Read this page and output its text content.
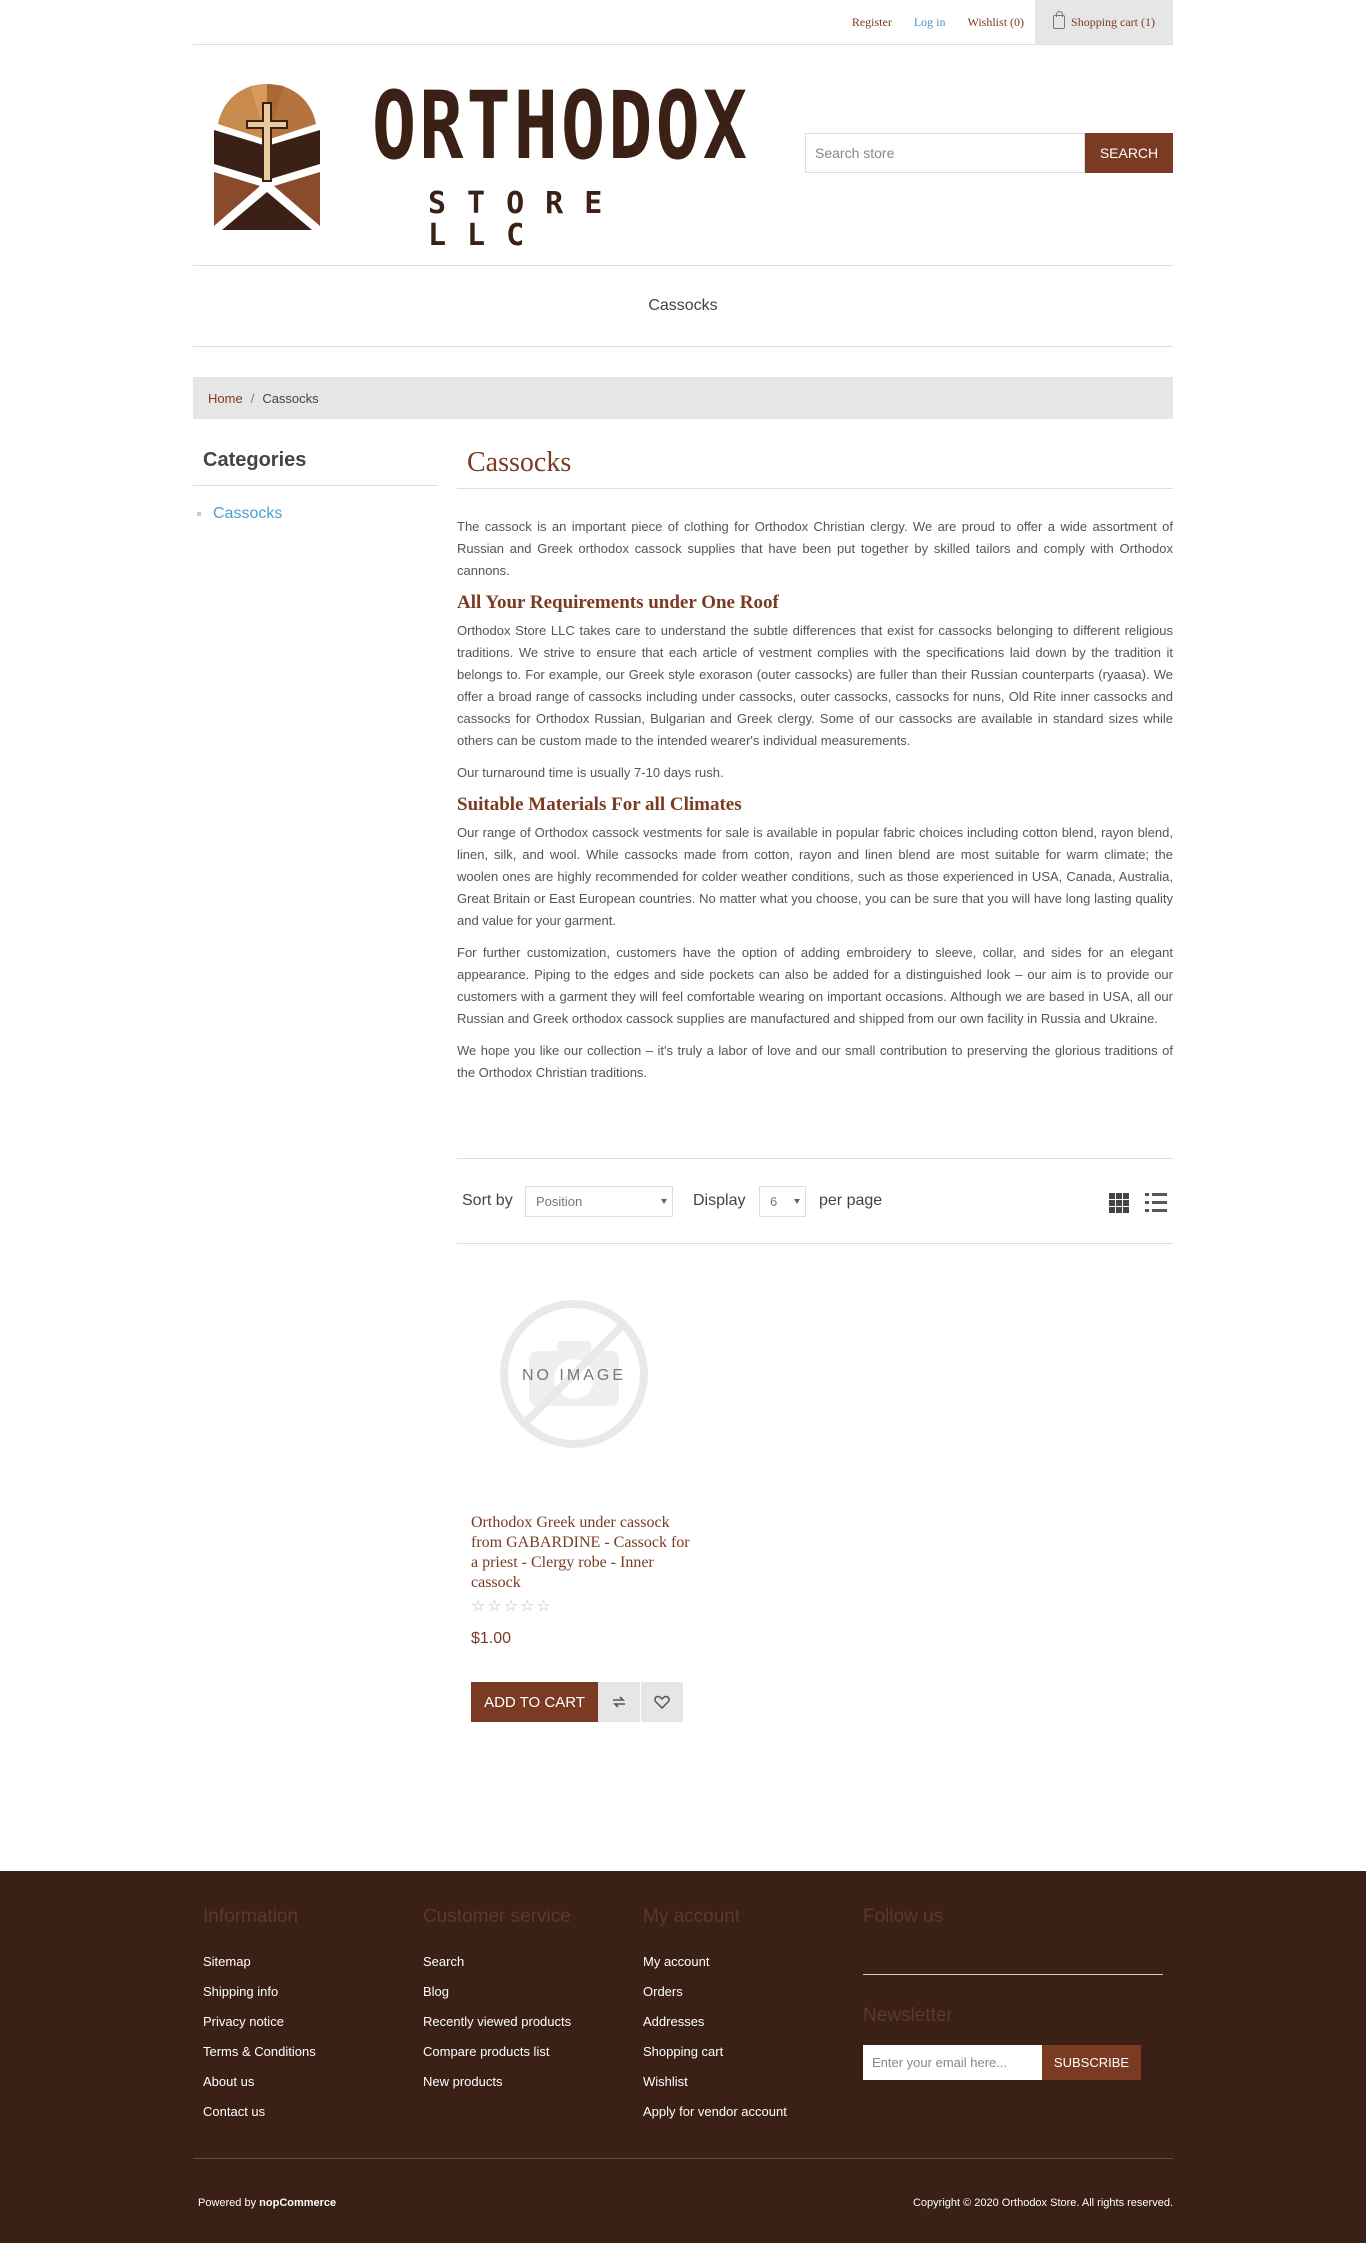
Register	Log in	Wishlist (0)	Shopping cart (1)
ORTHODOX
STORE LLC
Search store	SEARCH
Cassocks
Home / Cassocks
Categories
Cassocks
Cassocks

The cassock is an important piece of clothing for Orthodox Christian clergy. We are proud to offer a wide assortment of Russian and Greek orthodox cassock supplies that have been put together by skilled tailors and comply with Orthodox cannons.

All Your Requirements under One Roof

Orthodox Store LLC takes care to understand the subtle differences that exist for cassocks belonging to different religious traditions. We strive to ensure that each article of vestment complies with the specifications laid down by the tradition it belongs to. For example, our Greek style exorason (outer cassocks) are fuller than their Russian counterparts (ryaasa). We offer a broad range of cassocks including under cassocks, outer cassocks, cassocks for nuns, Old Rite inner cassocks and cassocks for Orthodox Russian, Bulgarian and Greek clergy. Some of our cassocks are available in standard sizes while others can be custom made to the intended wearer's individual measurements.

Our turnaround time is usually 7-10 days rush.

Suitable Materials For all Climates

Our range of Orthodox cassock vestments for sale is available in popular fabric choices including cotton blend, rayon blend, linen, silk, and wool. While cassocks made from cotton, rayon and linen blend are most suitable for warm climate; the woolen ones are highly recommended for colder weather conditions, such as those experienced in USA, Canada, Australia, Great Britain or East European countries. No matter what you choose, you can be sure that you will have long lasting quality and value for your garment.

For further customization, customers have the option of adding embroidery to sleeve, collar, and sides for an elegant appearance. Piping to the edges and side pockets can also be added for a distinguished look – our aim is to provide our customers with a garment they will feel comfortable wearing on important occasions. Although we are based in USA, all our Russian and Greek orthodox cassock supplies are manufactured and shipped from our own facility in Russia and Ukraine.

We hope you like our collection – it's truly a labor of love and our small contribution to preserving the glorious traditions of the Orthodox Christian traditions.

Sort by Position	Display 6	per page
NO IMAGE
Orthodox Greek under cassock from GABARDINE - Cassock for a priest - Clergy robe - Inner cassock
☆☆☆☆☆
$1.00
ADD TO CART
Information
Sitemap
Shipping info
Privacy notice
Terms & Conditions
About us
Contact us
Customer service
Search
Blog
Recently viewed products
Compare products list
New products
My account
My account
Orders
Addresses
Shopping cart
Wishlist
Apply for vendor account
Follow us
Newsletter
Enter your email here...	SUBSCRIBE
Powered by nopCommerce	Copyright © 2020 Orthodox Store. All rights reserved.
